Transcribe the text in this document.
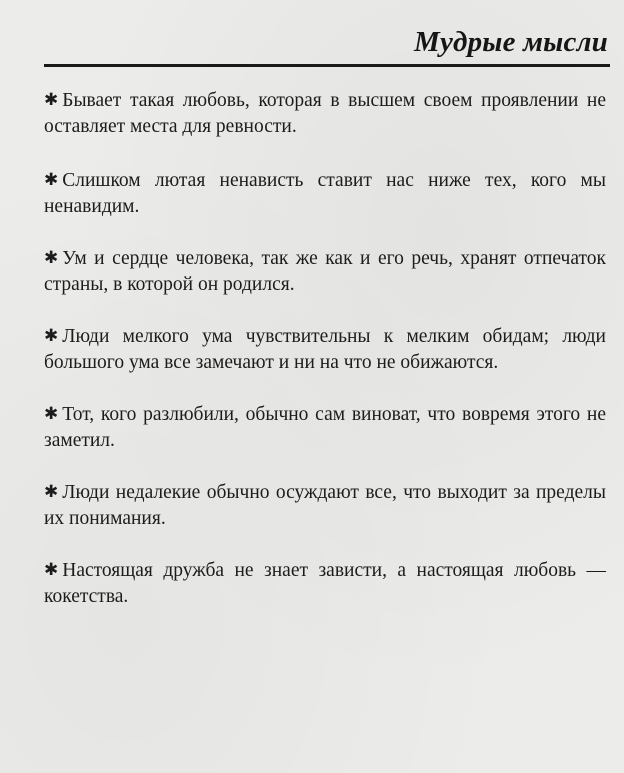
Мудрые мысли

✱ Бывает такая любовь, которая в высшем своем проявлении не оставляет места для ревности.

✱ Слишком лютая ненависть ставит нас ниже тех, кого мы ненавидим.

✱ Ум и сердце человека, так же как и его речь, хранят отпечаток страны, в которой он родился.

✱ Люди мелкого ума чувствительны к мелким обидам; люди большого ума все замечают и ни на что не обижаются.

✱ Тот, кого разлюбили, обычно сам виноват, что вовремя этого не заметил.

✱ Люди недалекие обычно осуждают все, что выходит за пределы их понимания.

✱ Настоящая дружба не знает зависти, а настоящая любовь — кокетства.
